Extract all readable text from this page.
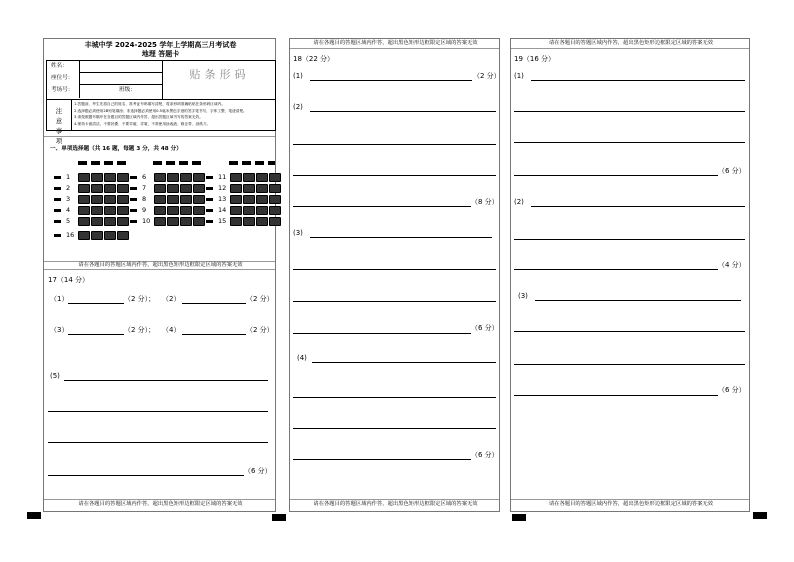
丰城中学 2024-2025 学年上学期高三月考试卷
地理 答题卡
姓名：
座位号：
考场号：	班级：
贴条形码
注意事项
1.答题前，考生先将自己的姓名、准考证号码填写清楚，将条形码准确粘贴在条形码区域内。
2.选择题必须使用2B铅笔填涂；非选择题必须使用0.5毫米黑色字迹的签字笔书写，字体工整、笔迹清楚。
3.请按照题号顺序在各题目的答题区域内作答，超出答题区域书写的答案无效。
4.保持卡面清洁，不要折叠、不要弄破、弄皱，不准使用涂改液、修正带、刮纸刀。
一、单项选择题（共 16 题，每题 3 分，共 48 分）
1
2
3
4
5
6
7
8
9
10
11
12
13
14
15
16
请在各题目的答题区域内作答，超出黑色矩形边框限定区域的答案无效
17（14 分）
（1）	（2 分）； （2）	（2 分）
（3）	（2 分）； （4）	（2 分）
(5)
（6 分）
请在各题目的答题区域内作答，超出黑色矩形边框限定区域的答案无效
请在各题目的答题区域内作答，超出黑色矩形边框限定区域的答案无效
18（22 分）
(1)	（2 分）
(2)
（8 分）
(3)
（6 分）
(4)
（6 分）
请在各题目的答题区域内作答，超出黑色矩形边框限定区域的答案无效
请在各题目的答题区域内作答，超出黑色矩形边框限定区域的答案无效
19（16 分）
(1)
（6 分）
(2)
（4 分）
(3)
（6 分）
请在各题目的答题区域内作答，超出黑色矩形边框限定区域的答案无效
